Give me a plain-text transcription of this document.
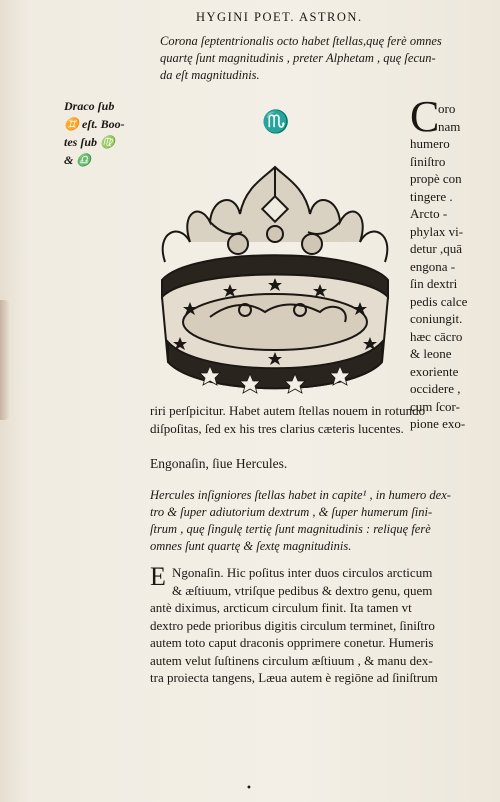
HYGINI POET. ASTRON.
Corona ſeptentrionalis octo habet ſtellas,quę ferè omnes
quartę ſunt magnitudinis , preter Alphetam , quę ſecun-
da eſt magnitudinis.
Draco ſub
♊ eſt. Boo-
tes ſub ♍
& ♎
♏	C
oro
nam
humero
ſiniſtro
propè con
tingere .
Arcto -
phylax vi-
detur ,quā
engona -
ſin dextri
pedis calce
coniungit.
hæc cācro
& leone
exoriente
occidere ,
cum ſcor-
pione exo-
riri perſpicitur. Habet autem ſtellas nouem in rotundo
diſpoſitas, ſed ex his tres clarius cæteris lucentes.
Engonaſin, ſiue Hercules.
Hercules inſigniores ſtellas habet in capite¹ , in humero dex-
tro & ſuper adiutorium dextrum , & ſuper humerum ſini-
ſtrum , quę ſingulę tertię ſunt magnitudinis : reliquę ferè
omnes ſunt quartę & ſextę magnitudinis.
E Ngonaſin. Hic poſitus inter duos circulos arcticum
& æſtiuum, vtriſque pedibus & dextro genu, quem
antè diximus, arcticum circulum finit. Ita tamen vt
dextro pede prioribus digitis circulum terminet, ſiniſtro
autem toto caput draconis opprimere conetur. Humeris
autem velut ſuſtinens circulum æſtiuum , & manu dex-
tra proiecta tangens, Læua autem è regiōne ad ſiniſtrum
•
